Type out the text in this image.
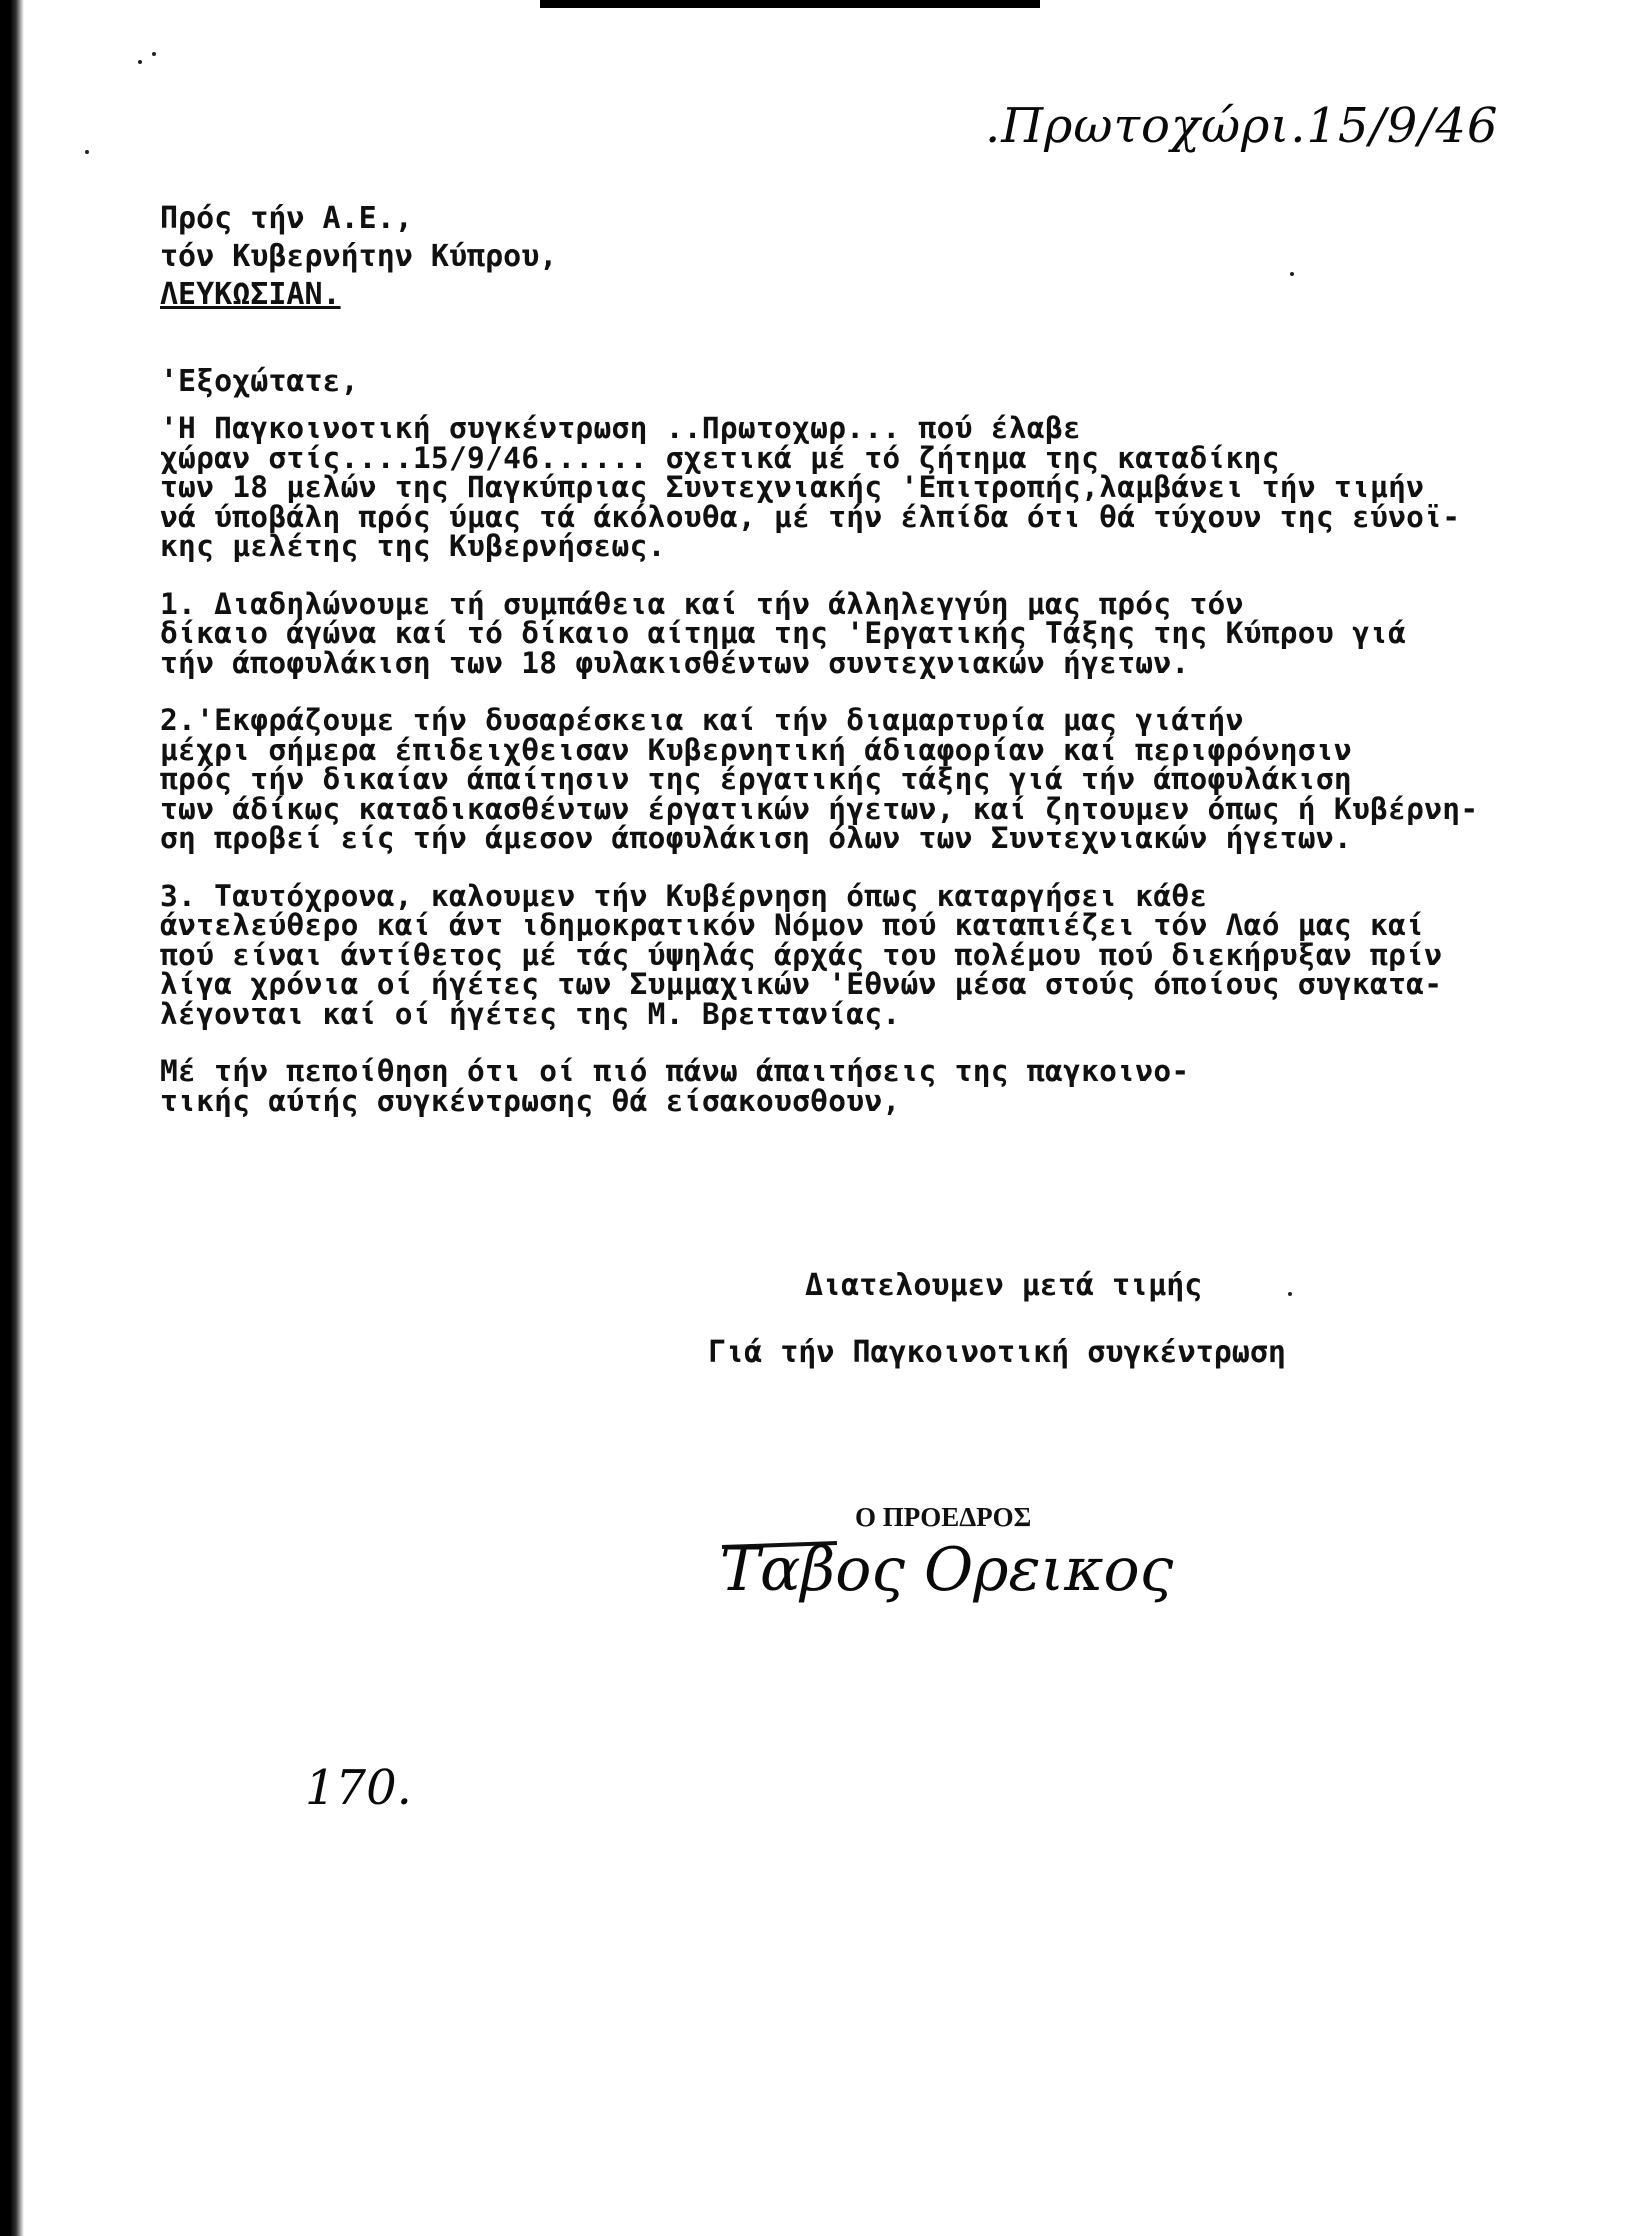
.Πρωτοχώρι.15/9/46
Πρός τήν Α.Ε.,
τόν Κυβερνήτην Κύπρου,
ΛΕΥΚΩΣΙΑΝ.
'Εξοχώτατε,
'Η Παγκοινοτική συγκέντρωση ..Πρωτοχωρ... πού έλαβε
χώραν στίς....15/9/46...... σχετικά μέ τό ζήτημα της καταδίκης
των 18 μελών της Παγκύπριας Συντεχνιακής 'Επιτροπής,λαμβάνει τήν τιμήν
νά ύποβάλη πρός ύμας τά άκόλουθα, μέ τήν έλπίδα ότι θά τύχουν της εύνοϊ-
κης μελέτης της Κυβερνήσεως.
1. Διαδηλώνουμε τή συμπάθεια καί τήν άλληλεγγύη μας πρός τόν
δίκαιο άγώνα καί τό δίκαιο αίτημα της 'Εργατικής Τάξης της Κύπρου γιά
τήν άποφυλάκιση των 18 φυλακισθέντων συντεχνιακών ήγετων.
2.'Εκφράζουμε τήν δυσαρέσκεια καί τήν διαμαρτυρία μας γιάτήν
μέχρι σήμερα έπιδειχθεισαν Κυβερνητική άδιαφορίαν καί περιφρόνησιν
πρός τήν δικαίαν άπαίτησιν της έργατικής τάξης γιά τήν άποφυλάκιση
των άδίκως καταδικασθέντων έργατικών ήγετων, καί ζητουμεν όπως ή Κυβέρνη-
ση προβεί είς τήν άμεσον άποφυλάκιση όλων των Συντεχνιακών ήγετων.
3. Ταυτόχρονα, καλουμεν τήν Κυβέρνηση όπως καταργήσει κάθε
άντελεύθερο καί άντ ιδημοκρατικόν Νόμον πού καταπιέζει τόν Λαό μας καί
πού είναι άντίθετος μέ τάς ύψηλάς άρχάς του πολέμου πού διεκήρυξαν πρίν
λίγα χρόνια οί ήγέτες των Συμμαχικών 'Εθνών μέσα στούς όποίους συγκατα-
λέγονται καί οί ήγέτες της Μ. Βρεττανίας.
Μέ τήν πεποίθηση ότι οί πιό πάνω άπαιτήσεις της παγκοινο-
τικής αύτής συγκέντρωσης θά είσακουσθουν,
Διατελουμεν μετά τιμής
Γιά τήν Παγκοινοτική συγκέντρωση
Ο ΠΡΟΕΔΡΟΣ
Ταβος Ορεικος
170.
